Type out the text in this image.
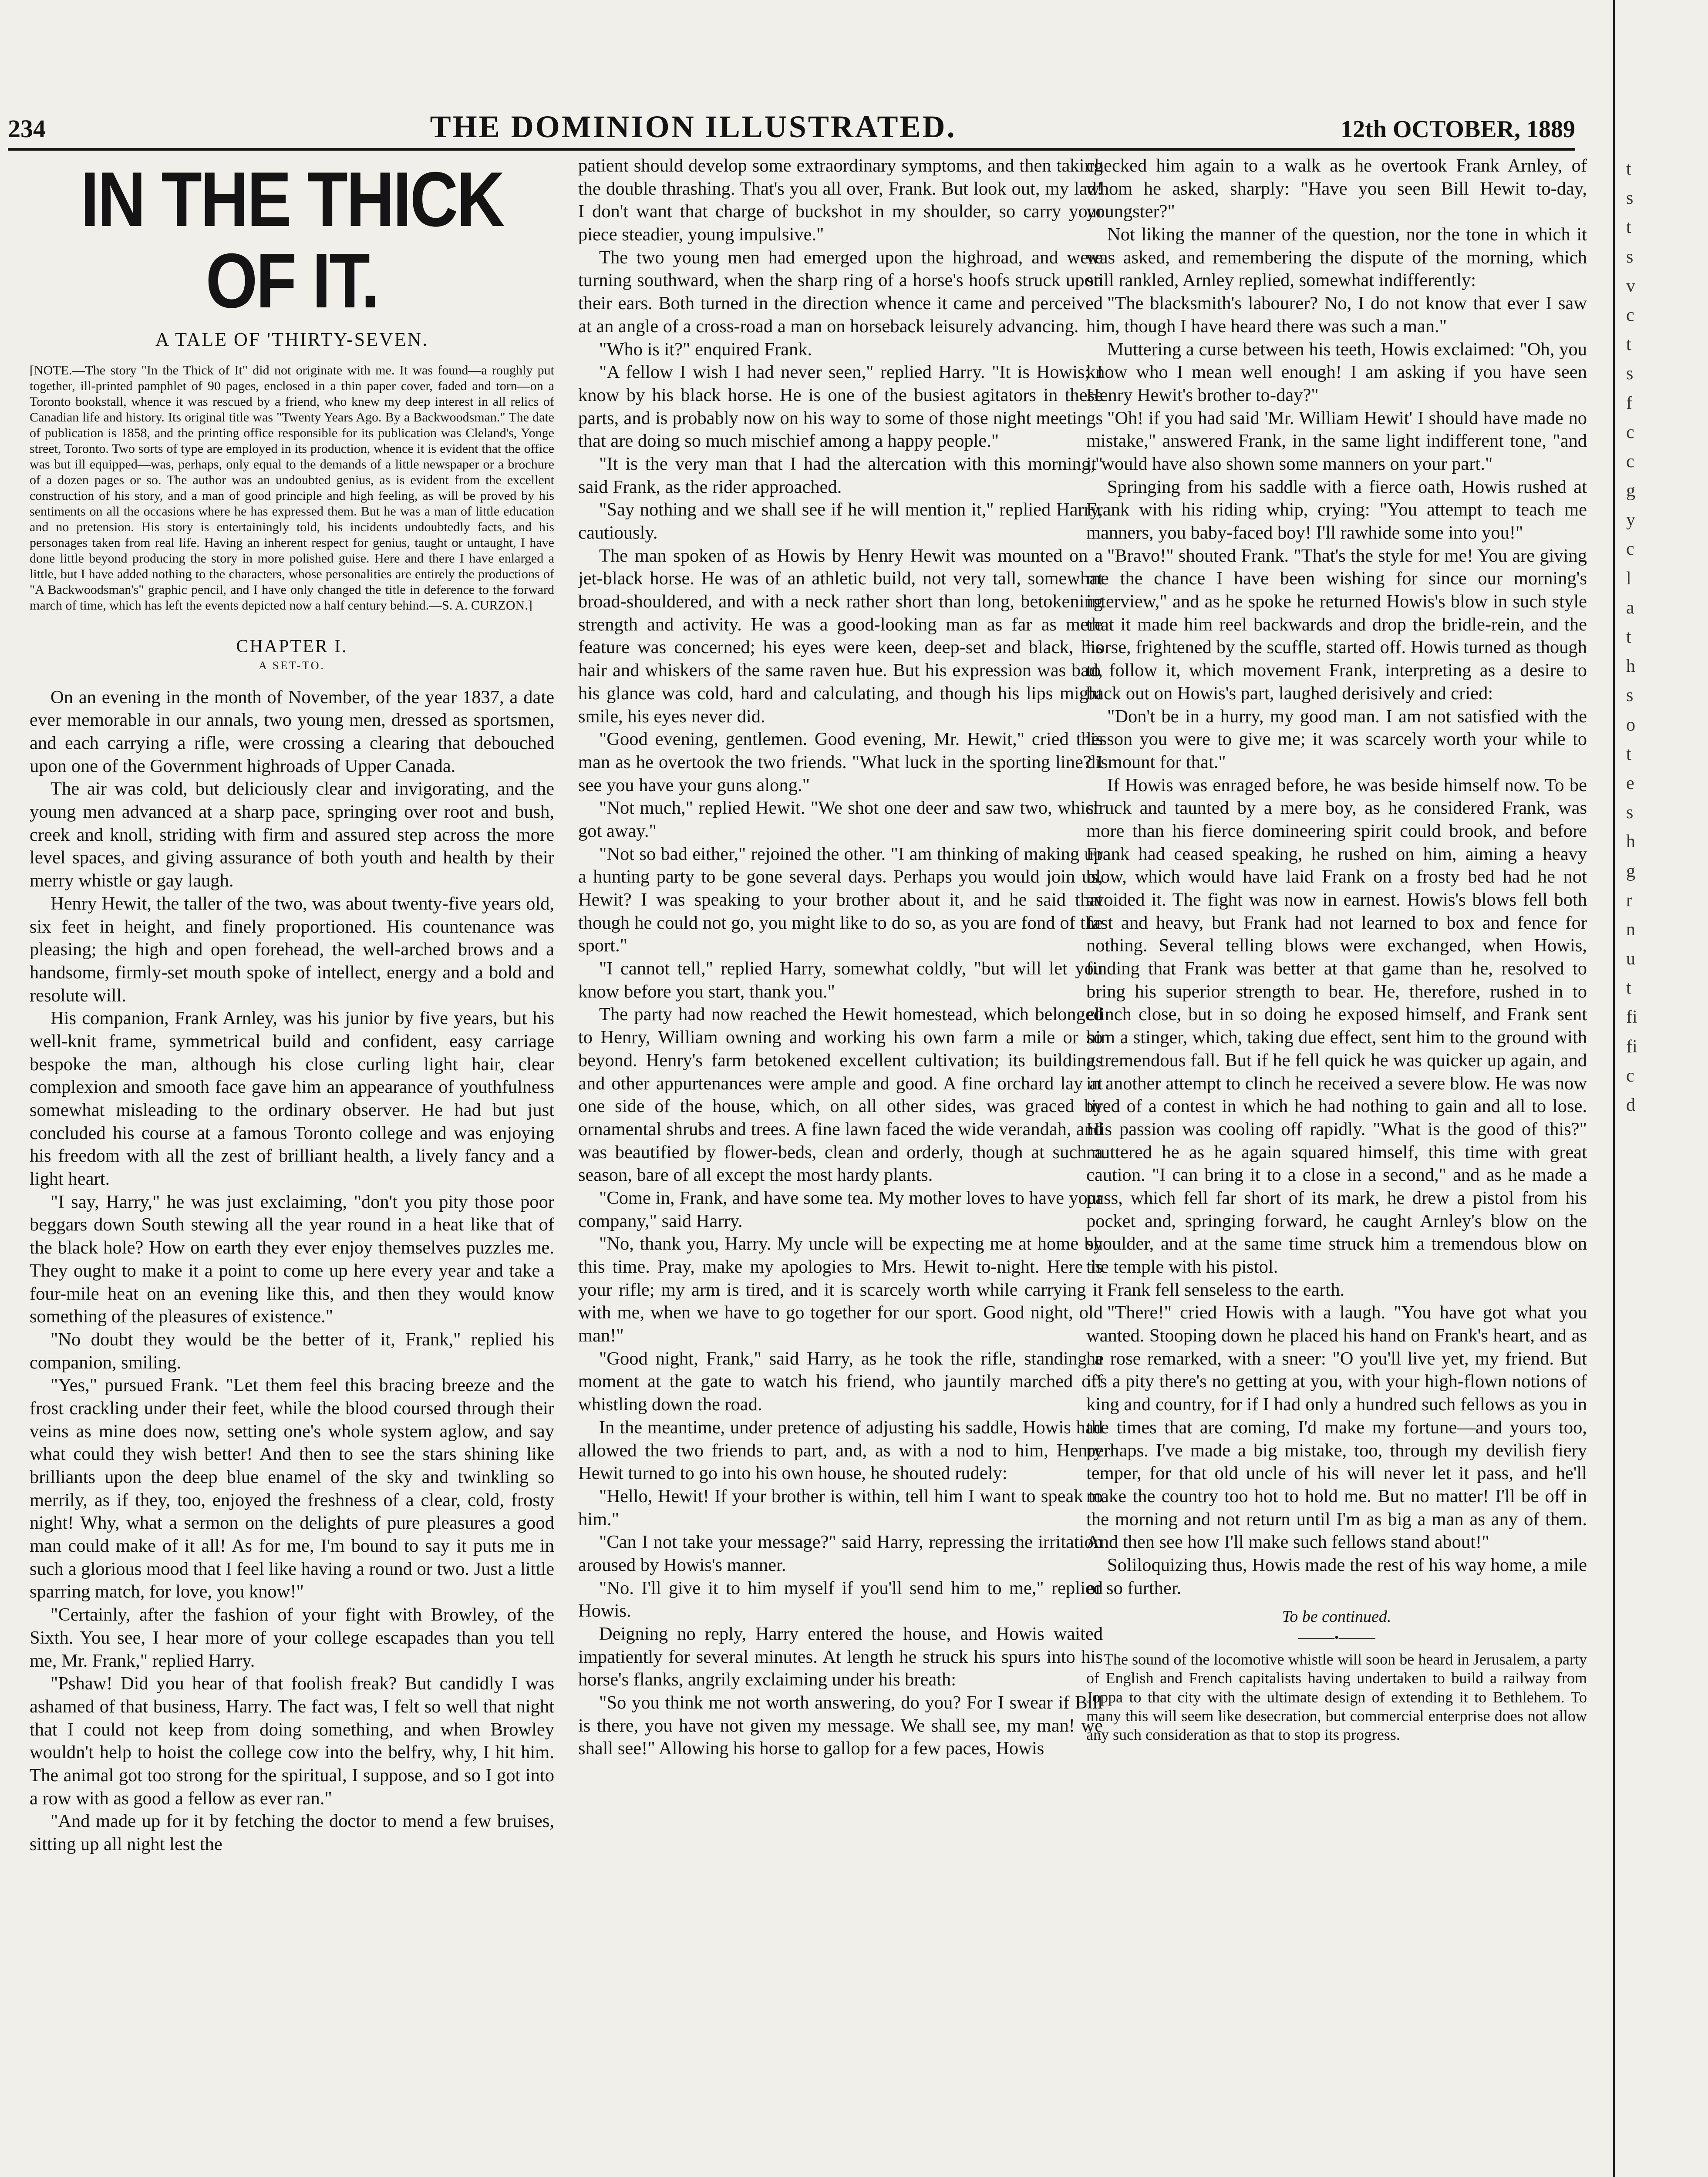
234	THE DOMINION ILLUSTRATED.	12th OCTOBER, 1889
IN THE THICK OF IT.
A TALE OF 'THIRTY-SEVEN.

[NOTE.—The story "In the Thick of It" did not originate with me. It was found—a roughly put together, ill-printed pamphlet of 90 pages, enclosed in a thin paper cover, faded and torn—on a Toronto bookstall, whence it was rescued by a friend, who knew my deep interest in all relics of Canadian life and history. Its original title was "Twenty Years Ago. By a Backwoodsman." The date of publication is 1858, and the printing office responsible for its publication was Cleland's, Yonge street, Toronto. Two sorts of type are employed in its production, whence it is evident that the office was but ill equipped—was, perhaps, only equal to the demands of a little newspaper or a brochure of a dozen pages or so. The author was an undoubted genius, as is evident from the excellent construction of his story, and a man of good principle and high feeling, as will be proved by his sentiments on all the occasions where he has expressed them. But he was a man of little education and no pretension. His story is entertainingly told, his incidents undoubtedly facts, and his personages taken from real life. Having an inherent respect for genius, taught or untaught, I have done little beyond producing the story in more polished guise. Here and there I have enlarged a little, but I have added nothing to the characters, whose personalities are entirely the productions of "A Backwoodsman's" graphic pencil, and I have only changed the title in deference to the forward march of time, which has left the events depicted now a half century behind.—S. A. CURZON.]

CHAPTER I.
A SET-TO.

On an evening in the month of November, of the year 1837, a date ever memorable in our annals, two young men, dressed as sportsmen, and each carrying a rifle, were crossing a clearing that debouched upon one of the Government highroads of Upper Canada.

The air was cold, but deliciously clear and invigorating, and the young men advanced at a sharp pace, springing over root and bush, creek and knoll, striding with firm and assured step across the more level spaces, and giving assurance of both youth and health by their merry whistle or gay laugh.

Henry Hewit, the taller of the two, was about twenty-five years old, six feet in height, and finely proportioned. His countenance was pleasing; the high and open forehead, the well-arched brows and a handsome, firmly-set mouth spoke of intellect, energy and a bold and resolute will.

His companion, Frank Arnley, was his junior by five years, but his well-knit frame, symmetrical build and confident, easy carriage bespoke the man, although his close curling light hair, clear complexion and smooth face gave him an appearance of youthfulness somewhat misleading to the ordinary observer. He had but just concluded his course at a famous Toronto college and was enjoying his freedom with all the zest of brilliant health, a lively fancy and a light heart.

"I say, Harry," he was just exclaiming, "don't you pity those poor beggars down South stewing all the year round in a heat like that of the black hole? How on earth they ever enjoy themselves puzzles me. They ought to make it a point to come up here every year and take a four-mile heat on an evening like this, and then they would know something of the pleasures of existence."

"No doubt they would be the better of it, Frank," replied his companion, smiling.

"Yes," pursued Frank. "Let them feel this bracing breeze and the frost crackling under their feet, while the blood coursed through their veins as mine does now, setting one's whole system aglow, and say what could they wish better! And then to see the stars shining like brilliants upon the deep blue enamel of the sky and twinkling so merrily, as if they, too, enjoyed the freshness of a clear, cold, frosty night! Why, what a sermon on the delights of pure pleasures a good man could make of it all! As for me, I'm bound to say it puts me in such a glorious mood that I feel like having a round or two. Just a little sparring match, for love, you know!"

"Certainly, after the fashion of your fight with Browley, of the Sixth. You see, I hear more of your college escapades than you tell me, Mr. Frank," replied Harry.

"Pshaw! Did you hear of that foolish freak? But candidly I was ashamed of that business, Harry. The fact was, I felt so well that night that I could not keep from doing something, and when Browley wouldn't help to hoist the college cow into the belfry, why, I hit him. The animal got too strong for the spiritual, I suppose, and so I got into a row with as good a fellow as ever ran."

"And made up for it by fetching the doctor to mend a few bruises, sitting up all night lest the

patient should develop some extraordinary symptoms, and then taking the double thrashing. That's you all over, Frank. But look out, my lad! I don't want that charge of buckshot in my shoulder, so carry your piece steadier, young impulsive."

The two young men had emerged upon the highroad, and were turning southward, when the sharp ring of a horse's hoofs struck upon their ears. Both turned in the direction whence it came and perceived at an angle of a cross-road a man on horseback leisurely advancing.

"Who is it?" enquired Frank.

"A fellow I wish I had never seen," replied Harry. "It is Howis; I know by his black horse. He is one of the busiest agitators in these parts, and is probably now on his way to some of those night meetings that are doing so much mischief among a happy people."

"It is the very man that I had the altercation with this morning," said Frank, as the rider approached.

"Say nothing and we shall see if he will mention it," replied Harry, cautiously.

The man spoken of as Howis by Henry Hewit was mounted on a jet-black horse. He was of an athletic build, not very tall, somewhat broad-shouldered, and with a neck rather short than long, betokening strength and activity. He was a good-looking man as far as mere feature was concerned; his eyes were keen, deep-set and black, his hair and whiskers of the same raven hue. But his expression was bad, his glance was cold, hard and calculating, and though his lips might smile, his eyes never did.

"Good evening, gentlemen. Good evening, Mr. Hewit," cried this man as he overtook the two friends. "What luck in the sporting line? I see you have your guns along."

"Not much," replied Hewit. "We shot one deer and saw two, which got away."

"Not so bad either," rejoined the other. "I am thinking of making up a hunting party to be gone several days. Perhaps you would join us, Hewit? I was speaking to your brother about it, and he said that though he could not go, you might like to do so, as you are fond of the sport."

"I cannot tell," replied Harry, somewhat coldly, "but will let you know before you start, thank you."

The party had now reached the Hewit homestead, which belonged to Henry, William owning and working his own farm a mile or so beyond. Henry's farm betokened excellent cultivation; its buildings and other appurtenances were ample and good. A fine orchard lay at one side of the house, which, on all other sides, was graced by ornamental shrubs and trees. A fine lawn faced the wide verandah, and was beautified by flower-beds, clean and orderly, though at such a season, bare of all except the most hardy plants.

"Come in, Frank, and have some tea. My mother loves to have your company," said Harry.

"No, thank you, Harry. My uncle will be expecting me at home by this time. Pray, make my apologies to Mrs. Hewit to-night. Here is your rifle; my arm is tired, and it is scarcely worth while carrying it with me, when we have to go together for our sport. Good night, old man!"

"Good night, Frank," said Harry, as he took the rifle, standing a moment at the gate to watch his friend, who jauntily marched off whistling down the road.

In the meantime, under pretence of adjusting his saddle, Howis had allowed the two friends to part, and, as with a nod to him, Henry Hewit turned to go into his own house, he shouted rudely:

"Hello, Hewit! If your brother is within, tell him I want to speak to him."

"Can I not take your message?" said Harry, repressing the irritation aroused by Howis's manner.

"No. I'll give it to him myself if you'll send him to me," replied Howis.

Deigning no reply, Harry entered the house, and Howis waited impatiently for several minutes. At length he struck his spurs into his horse's flanks, angrily exclaiming under his breath:

"So you think me not worth answering, do you? For I swear if Bill is there, you have not given my message. We shall see, my man! we shall see!" Allowing his horse to gallop for a few paces, Howis

checked him again to a walk as he overtook Frank Arnley, of whom he asked, sharply: "Have you seen Bill Hewit to-day, youngster?"

Not liking the manner of the question, nor the tone in which it was asked, and remembering the dispute of the morning, which still rankled, Arnley replied, somewhat indifferently:

"The blacksmith's labourer? No, I do not know that ever I saw him, though I have heard there was such a man."

Muttering a curse between his teeth, Howis exclaimed: "Oh, you know who I mean well enough! I am asking if you have seen Henry Hewit's brother to-day?"

"Oh! if you had said 'Mr. William Hewit' I should have made no mistake," answered Frank, in the same light indifferent tone, "and it would have also shown some manners on your part."

Springing from his saddle with a fierce oath, Howis rushed at Frank with his riding whip, crying: "You attempt to teach me manners, you baby-faced boy! I'll rawhide some into you!"

"Bravo!" shouted Frank. "That's the style for me! You are giving me the chance I have been wishing for since our morning's interview," and as he spoke he returned Howis's blow in such style that it made him reel backwards and drop the bridle-rein, and the horse, frightened by the scuffle, started off. Howis turned as though to follow it, which movement Frank, interpreting as a desire to back out on Howis's part, laughed derisively and cried:

"Don't be in a hurry, my good man. I am not satisfied with the lesson you were to give me; it was scarcely worth your while to dismount for that."

If Howis was enraged before, he was beside himself now. To be struck and taunted by a mere boy, as he considered Frank, was more than his fierce domineering spirit could brook, and before Frank had ceased speaking, he rushed on him, aiming a heavy blow, which would have laid Frank on a frosty bed had he not avoided it. The fight was now in earnest. Howis's blows fell both fast and heavy, but Frank had not learned to box and fence for nothing. Several telling blows were exchanged, when Howis, finding that Frank was better at that game than he, resolved to bring his superior strength to bear. He, therefore, rushed in to clinch close, but in so doing he exposed himself, and Frank sent him a stinger, which, taking due effect, sent him to the ground with a tremendous fall. But if he fell quick he was quicker up again, and in another attempt to clinch he received a severe blow. He was now tired of a contest in which he had nothing to gain and all to lose. His passion was cooling off rapidly. "What is the good of this?" muttered he as he again squared himself, this time with great caution. "I can bring it to a close in a second," and as he made a pass, which fell far short of its mark, he drew a pistol from his pocket and, springing forward, he caught Arnley's blow on the shoulder, and at the same time struck him a tremendous blow on the temple with his pistol.

Frank fell senseless to the earth.

"There!" cried Howis with a laugh. "You have got what you wanted. Stooping down he placed his hand on Frank's heart, and as he rose remarked, with a sneer: "O you'll live yet, my friend. But it's a pity there's no getting at you, with your high-flown notions of king and country, for if I had only a hundred such fellows as you in the times that are coming, I'd make my fortune—and yours too, perhaps. I've made a big mistake, too, through my devilish fiery temper, for that old uncle of his will never let it pass, and he'll make the country too hot to hold me. But no matter! I'll be off in the morning and not return until I'm as big a man as any of them. And then see how I'll make such fellows stand about!"

Soliloquizing thus, Howis made the rest of his way home, a mile or so further.

To be continued.
———•———

The sound of the locomotive whistle will soon be heard in Jerusalem, a party of English and French capitalists having undertaken to build a railway from Joppa to that city with the ultimate design of extending it to Bethlehem. To many this will seem like desecration, but commercial enterprise does not allow any such consideration as that to stop its progress.

t
s
t
s
v
c
t
s
f
c
c
g
y
c
l
a
t
h
s
o
t
e
s
h
g
r
n
u
t
fi
fi
c
d
